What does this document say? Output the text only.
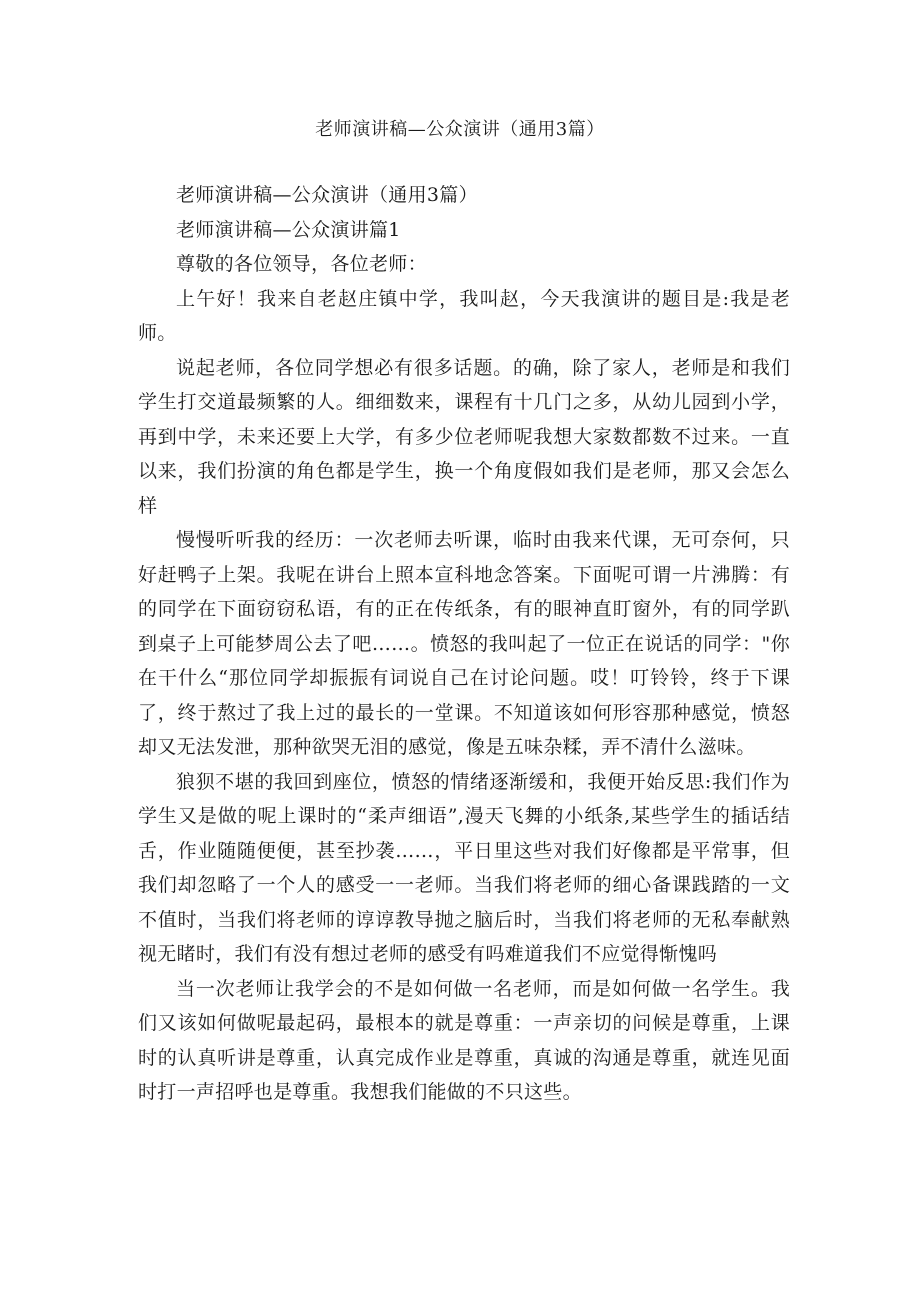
老师演讲稿—公众演讲（通用3篇）

老师演讲稿—公众演讲（通用3篇）

老师演讲稿—公众演讲篇1

尊敬的各位领导，各位老师：

上午好！我来自老赵庄镇中学，我叫赵，今天我演讲的题目是:我是老师。

说起老师，各位同学想必有很多话题。的确，除了家人，老师是和我们学生打交道最频繁的人。细细数来，课程有十几门之多，从幼儿园到小学，再到中学，未来还要上大学，有多少位老师呢我想大家数都数不过来。一直以来，我们扮演的角色都是学生，换一个角度假如我们是老师，那又会怎么样

慢慢听听我的经历：一次老师去听课，临时由我来代课，无可奈何，只好赶鸭子上架。我呢在讲台上照本宣科地念答案。下面呢可谓一片沸腾：有的同学在下面窃窃私语，有的正在传纸条，有的眼神直盯窗外，有的同学趴到桌子上可能梦周公去了吧……。愤怒的我叫起了一位正在说话的同学："你在干什么“那位同学却振振有词说自己在讨论问题。哎！叮铃铃，终于下课了，终于熬过了我上过的最长的一堂课。不知道该如何形容那种感觉，愤怒却又无法发泄，那种欲哭无泪的感觉，像是五味杂糅，弄不清什么滋味。

狼狈不堪的我回到座位，愤怒的情绪逐渐缓和，我便开始反思:我们作为学生又是做的呢上课时的“柔声细语”,漫天飞舞的小纸条,某些学生的插话结舌，作业随随便便，甚至抄袭……，平日里这些对我们好像都是平常事，但我们却忽略了一个人的感受一一老师。当我们将老师的细心备课践踏的一文不值时，当我们将老师的谆谆教导抛之脑后时，当我们将老师的无私奉献熟视无睹时，我们有没有想过老师的感受有吗难道我们不应觉得惭愧吗

当一次老师让我学会的不是如何做一名老师，而是如何做一名学生。我们又该如何做呢最起码，最根本的就是尊重：一声亲切的问候是尊重，上课时的认真听讲是尊重，认真完成作业是尊重，真诚的沟通是尊重，就连见面时打一声招呼也是尊重。我想我们能做的不只这些。
